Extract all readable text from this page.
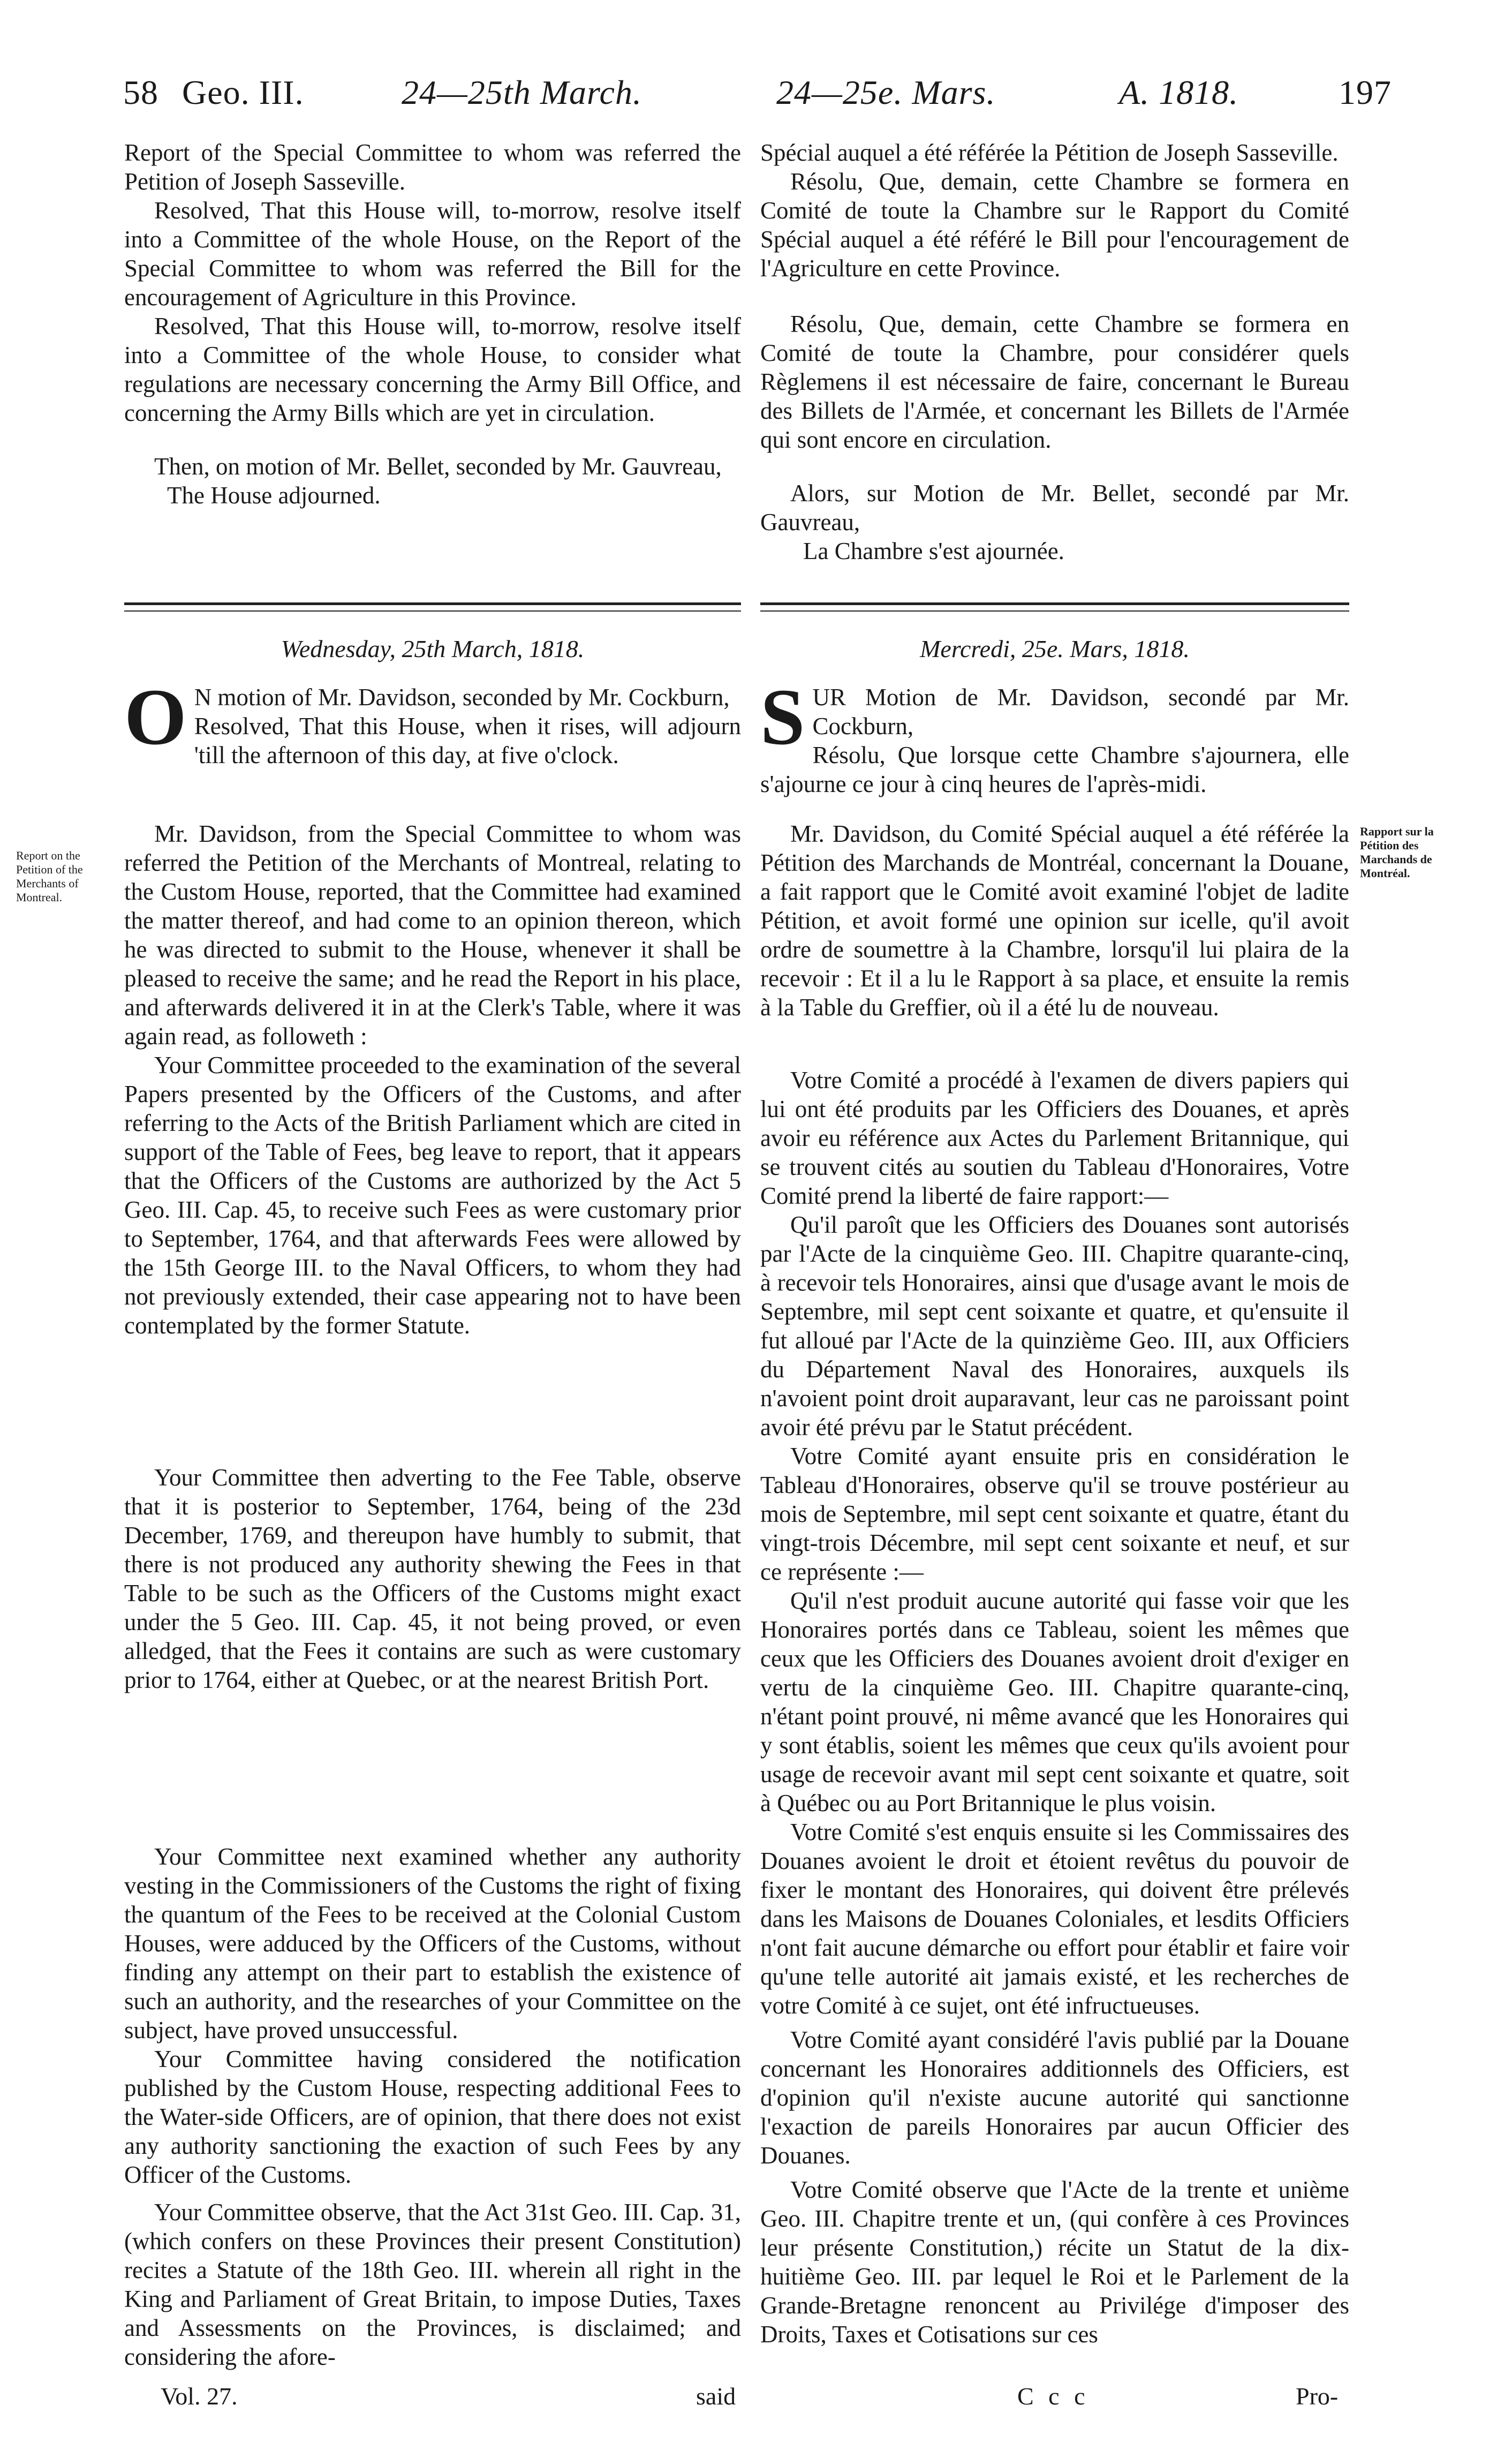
58 Geo. III.	24—25th March.	24—25e. Mars.	A. 1818.	197

Report of the Special Committee to whom was referred the Petition of Joseph Sasseville.

Resolved, That this House will, to-morrow, resolve itself into a Committee of the whole House, on the Report of the Special Committee to whom was referred the Bill for the encouragement of Agriculture in this Province.

Resolved, That this House will, to-morrow, resolve itself into a Committee of the whole House, to consider what regulations are necessary concerning the Army Bill Office, and concerning the Army Bills which are yet in circulation.

Then, on motion of Mr. Bellet, seconded by Mr. Gauvreau,

The House adjourned.

Spécial auquel a été référée la Pétition de Joseph Sasseville.

Résolu, Que, demain, cette Chambre se formera en Comité de toute la Chambre sur le Rapport du Comité Spécial auquel a été référé le Bill pour l'encouragement de l'Agriculture en cette Province.

Résolu, Que, demain, cette Chambre se formera en Comité de toute la Chambre, pour considérer quels Règlemens il est nécessaire de faire, concernant le Bureau des Billets de l'Armée, et concernant les Billets de l'Armée qui sont encore en circulation.

Alors, sur Motion de Mr. Bellet, secondé par Mr. Gauvreau,

La Chambre s'est ajournée.

Wednesday, 25th March, 1818.	Mercredi, 25e. Mars, 1818.
O N motion of Mr. Davidson, seconded by Mr. Cockburn,

Resolved, That this House, when it rises, will adjourn 'till the afternoon of this day, at five o'clock.	S UR Motion de Mr. Davidson, secondé par Mr. Cockburn,

Résolu, Que lorsque cette Chambre s'ajournera, elle s'ajourne ce jour à cinq heures de l'après-midi.

Report on the Petition of the Merchants of Montreal.
Rapport sur la Pétition des Marchands de Montréal.

Mr. Davidson, from the Special Committee to whom was referred the Petition of the Merchants of Montreal, relating to the Custom House, reported, that the Committee had examined the matter thereof, and had come to an opinion thereon, which he was directed to submit to the House, whenever it shall be pleased to receive the same; and he read the Report in his place, and afterwards delivered it in at the Clerk's Table, where it was again read, as followeth :

Your Committee proceeded to the examination of the several Papers presented by the Officers of the Customs, and after referring to the Acts of the British Parliament which are cited in support of the Table of Fees, beg leave to report, that it appears that the Officers of the Customs are authorized by the Act 5 Geo. III. Cap. 45, to receive such Fees as were customary prior to September, 1764, and that afterwards Fees were allowed by the 15th George III. to the Naval Officers, to whom they had not previously extended, their case appearing not to have been contemplated by the former Statute.

Your Committee then adverting to the Fee Table, observe that it is posterior to September, 1764, being of the 23d December, 1769, and thereupon have humbly to submit, that there is not produced any authority shewing the Fees in that Table to be such as the Officers of the Customs might exact under the 5 Geo. III. Cap. 45, it not being proved, or even alledged, that the Fees it contains are such as were customary prior to 1764, either at Quebec, or at the nearest British Port.

Your Committee next examined whether any authority vesting in the Commissioners of the Customs the right of fixing the quantum of the Fees to be received at the Colonial Custom Houses, were adduced by the Officers of the Customs, without finding any attempt on their part to establish the existence of such an authority, and the researches of your Committee on the subject, have proved unsuccessful.

Your Committee having considered the notification published by the Custom House, respecting additional Fees to the Water-side Officers, are of opinion, that there does not exist any authority sanctioning the exaction of such Fees by any Officer of the Customs.

Your Committee observe, that the Act 31st Geo. III. Cap. 31, (which confers on these Provinces their present Constitution) recites a Statute of the 18th Geo. III. wherein all right in the King and Parliament of Great Britain, to impose Duties, Taxes and Assessments on the Provinces, is disclaimed; and considering the afore-

Mr. Davidson, du Comité Spécial auquel a été référée la Pétition des Marchands de Montréal, concernant la Douane, a fait rapport que le Comité avoit examiné l'objet de ladite Pétition, et avoit formé une opinion sur icelle, qu'il avoit ordre de soumettre à la Chambre, lorsqu'il lui plaira de la recevoir : Et il a lu le Rapport à sa place, et ensuite la remis à la Table du Greffier, où il a été lu de nouveau.

Votre Comité a procédé à l'examen de divers papiers qui lui ont été produits par les Officiers des Douanes, et après avoir eu référence aux Actes du Parlement Britannique, qui se trouvent cités au soutien du Tableau d'Honoraires, Votre Comité prend la liberté de faire rapport:—

Qu'il paroît que les Officiers des Douanes sont autorisés par l'Acte de la cinquième Geo. III. Chapitre quarante-cinq, à recevoir tels Honoraires, ainsi que d'usage avant le mois de Septembre, mil sept cent soixante et quatre, et qu'ensuite il fut alloué par l'Acte de la quinzième Geo. III, aux Officiers du Département Naval des Honoraires, auxquels ils n'avoient point droit auparavant, leur cas ne paroissant point avoir été prévu par le Statut précédent.

Votre Comité ayant ensuite pris en considération le Tableau d'Honoraires, observe qu'il se trouve postérieur au mois de Septembre, mil sept cent soixante et quatre, étant du vingt-trois Décembre, mil sept cent soixante et neuf, et sur ce représente :—

Qu'il n'est produit aucune autorité qui fasse voir que les Honoraires portés dans ce Tableau, soient les mêmes que ceux que les Officiers des Douanes avoient droit d'exiger en vertu de la cinquième Geo. III. Chapitre quarante-cinq, n'étant point prouvé, ni même avancé que les Honoraires qui y sont établis, soient les mêmes que ceux qu'ils avoient pour usage de recevoir avant mil sept cent soixante et quatre, soit à Québec ou au Port Britannique le plus voisin.

Votre Comité s'est enquis ensuite si les Commissaires des Douanes avoient le droit et étoient revêtus du pouvoir de fixer le montant des Honoraires, qui doivent être prélevés dans les Maisons de Douanes Coloniales, et lesdits Officiers n'ont fait aucune démarche ou effort pour établir et faire voir qu'une telle autorité ait jamais existé, et les recherches de votre Comité à ce sujet, ont été infructueuses.

Votre Comité ayant considéré l'avis publié par la Douane concernant les Honoraires additionnels des Officiers, est d'opinion qu'il n'existe aucune autorité qui sanctionne l'exaction de pareils Honoraires par aucun Officier des Douanes.

Votre Comité observe que l'Acte de la trente et unième Geo. III. Chapitre trente et un, (qui confère à ces Provinces leur présente Constitution,) récite un Statut de la dix-huitième Geo. III. par lequel le Roi et le Parlement de la Grande-Bretagne renoncent au Privilége d'imposer des Droits, Taxes et Cotisations sur ces

Vol. 27.	said	C c c	Pro-
